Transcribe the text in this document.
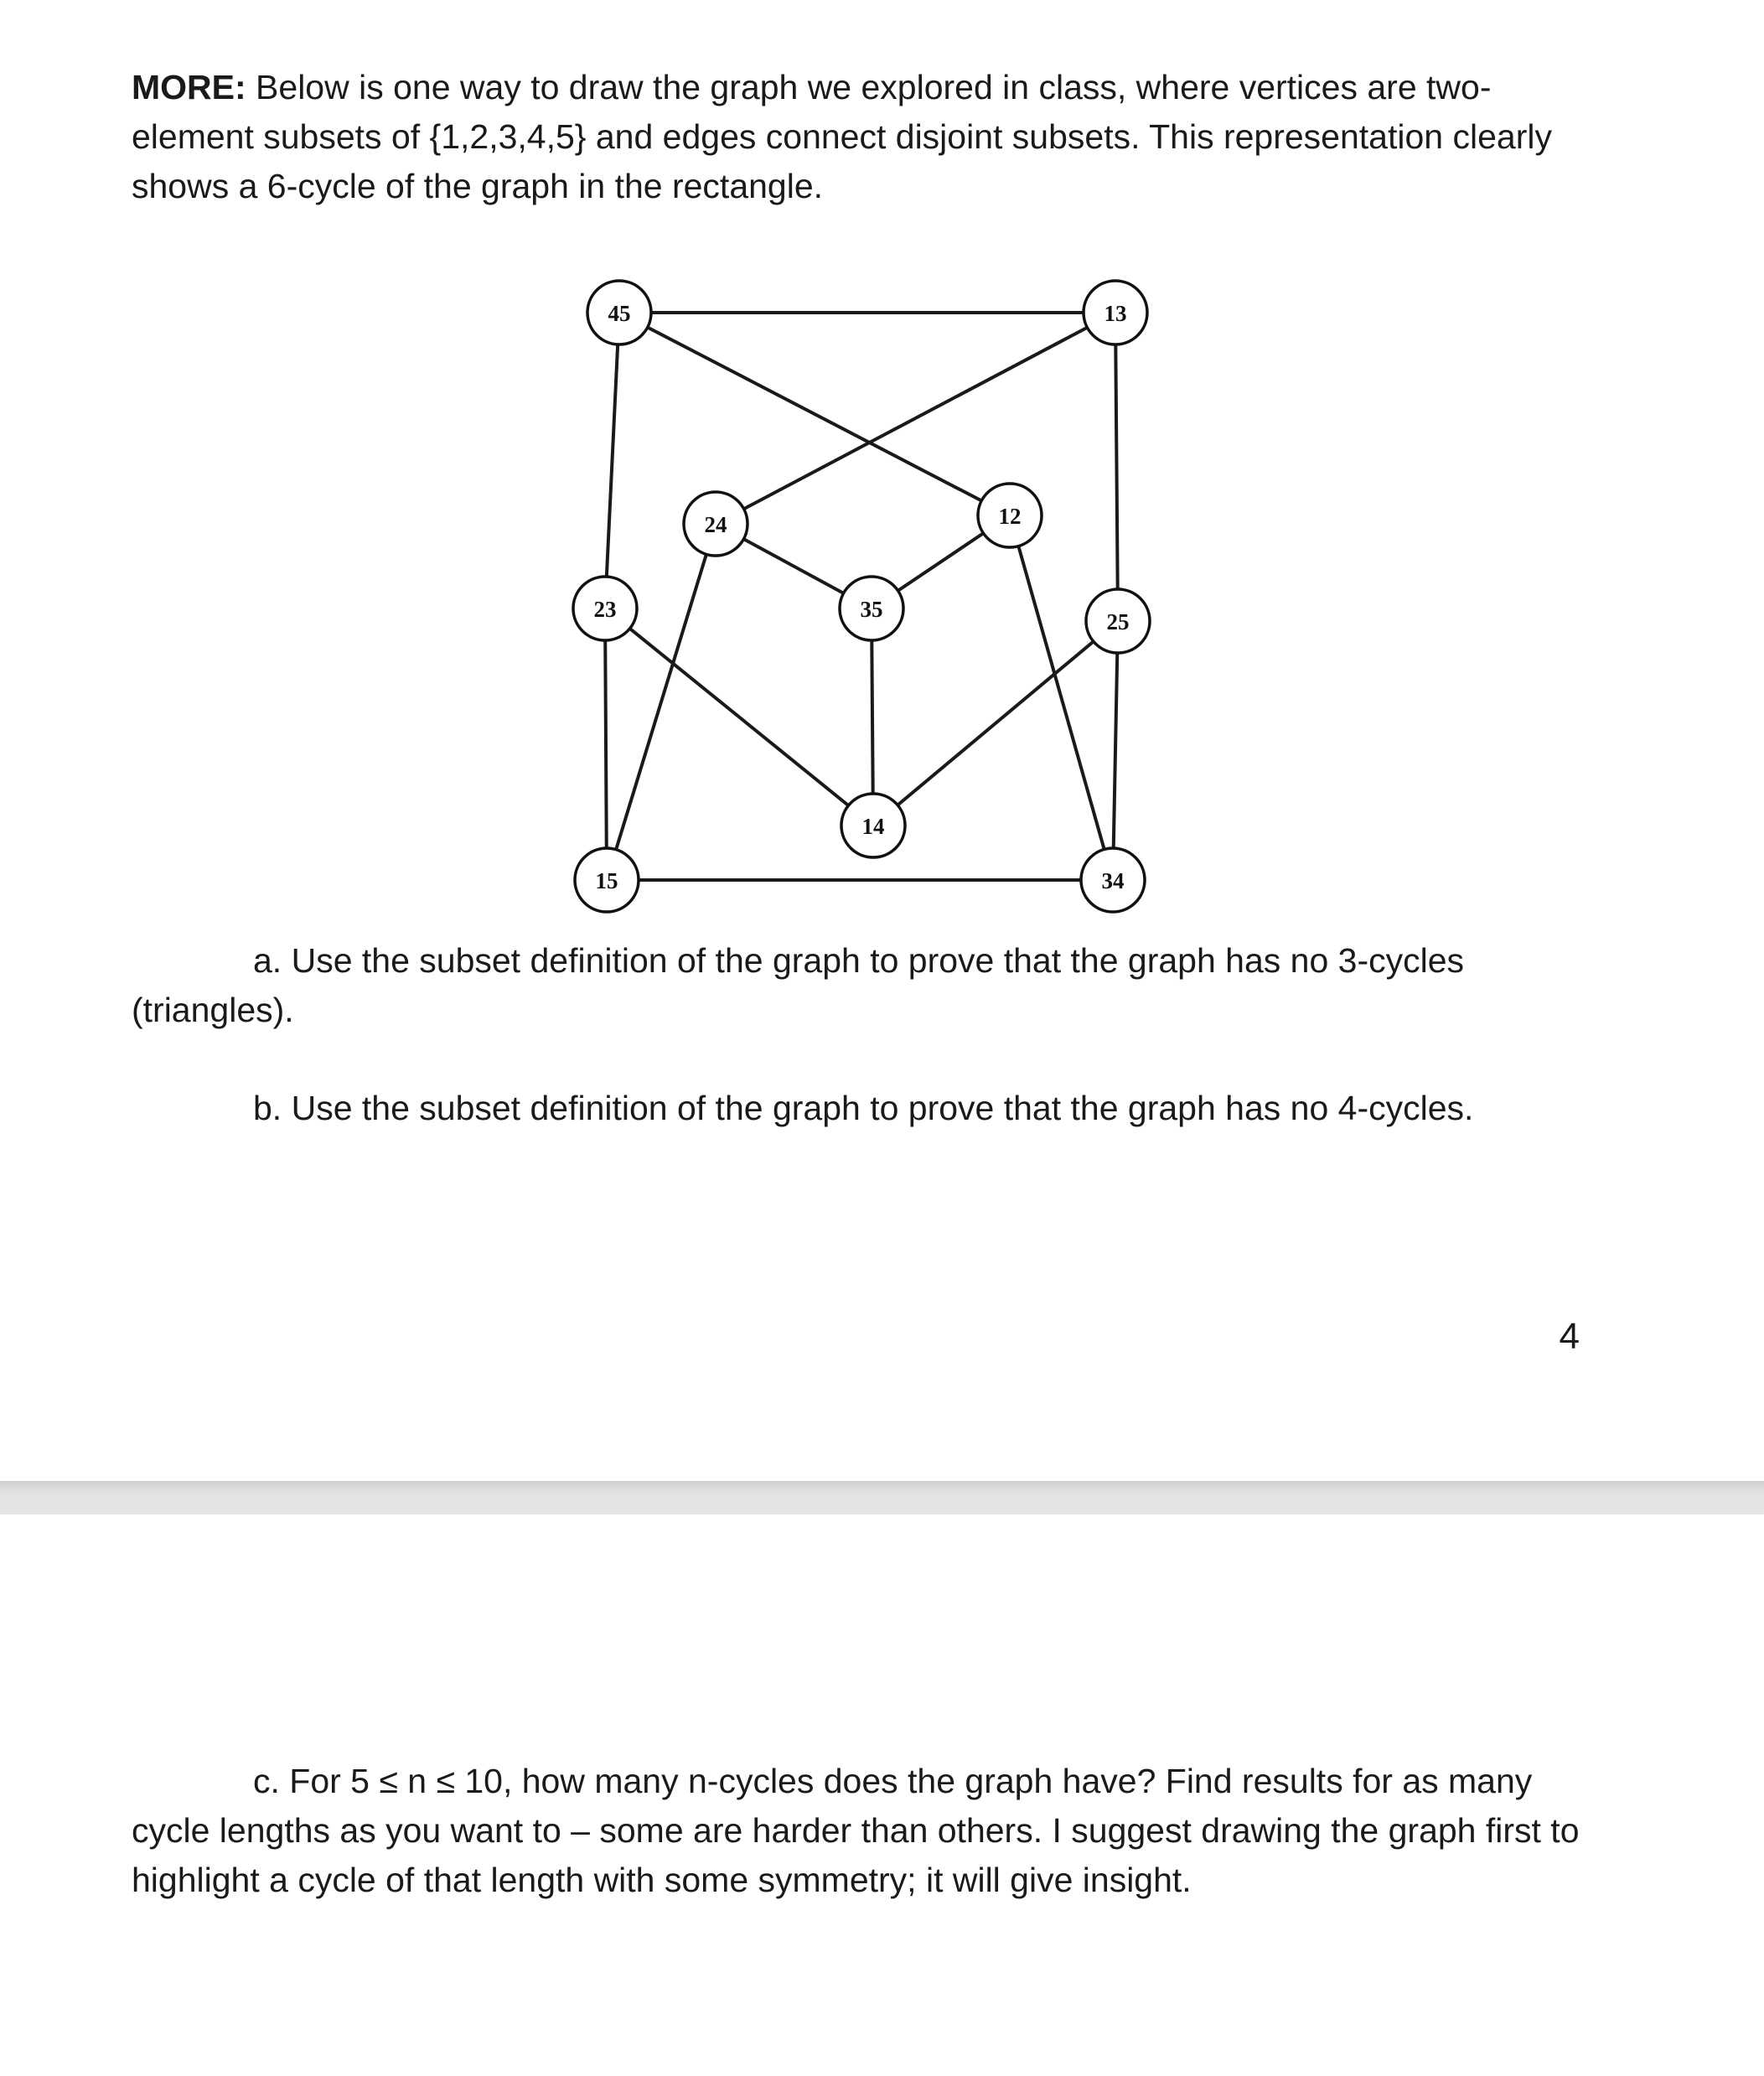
MORE: Below is one way to draw the graph we explored in class, where vertices are two-element subsets of {1,2,3,4,5} and edges connect disjoint subsets. This representation clearly shows a 6-cycle of the graph in the rectangle.

45	13
24	12
23	35	25
14
15	34

a. Use the subset definition of the graph to prove that the graph has no 3-cycles (triangles).

b. Use the subset definition of the graph to prove that the graph has no 4-cycles.

4

c. For 5 ≤ n ≤ 10, how many n-cycles does the graph have? Find results for as many cycle lengths as you want to – some are harder than others. I suggest drawing the graph first to highlight a cycle of that length with some symmetry; it will give insight.
